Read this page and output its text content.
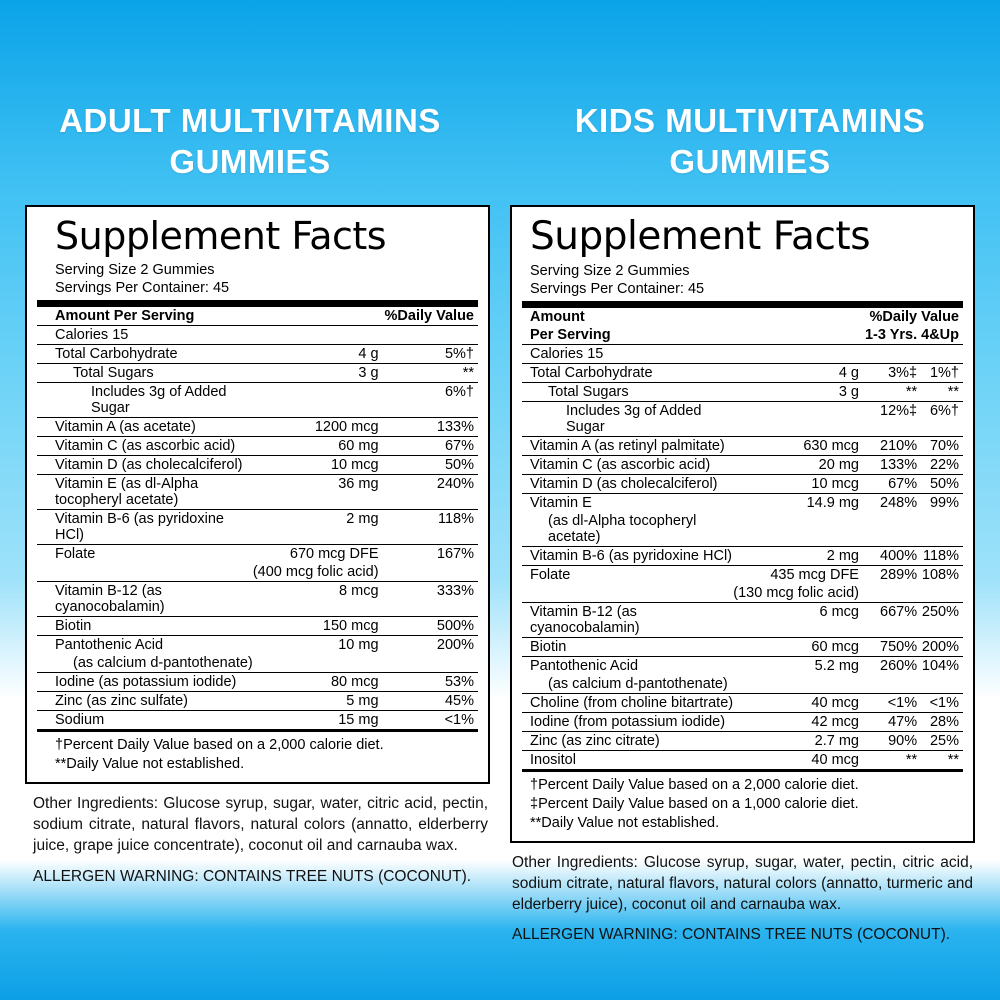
ADULT MULTIVITAMINS
GUMMIES
KIDS MULTIVITAMINS
GUMMIES
Supplement Facts
Serving Size 2 Gummies
Servings Per Container: 45
Amount Per Serving		%Daily Value
Calories 15		
Total Carbohydrate	4 g	5%†
Total Sugars	3 g	**
Includes 3g of Added Sugar		6%†
Vitamin A (as acetate)	1200 mcg	133%
Vitamin C (as ascorbic acid)	60 mg	67%
Vitamin D (as cholecalciferol)	10 mcg	50%
Vitamin E (as dl-Alpha tocopheryl acetate)	36 mg	240%
Vitamin B-6 (as pyridoxine HCl)	2 mg	118%
Folate	670 mcg DFE	167%
	(400 mcg folic acid)	
Vitamin B-12 (as cyanocobalamin)	8 mcg	333%
Biotin	150 mcg	500%
Pantothenic Acid	10 mg	200%
(as calcium d-pantothenate)		
Iodine (as potassium iodide)	80 mcg	53%
Zinc (as zinc sulfate)	5 mg	45%
Sodium	15 mg	<1%
†Percent Daily Value based on a 2,000 calorie diet.
**Daily Value not established.

Other Ingredients: Glucose syrup, sugar, water, citric acid, pectin, sodium citrate, natural flavors, natural colors (annatto, elderberry juice, grape juice concentrate), coconut oil and carnauba wax.

ALLERGEN WARNING: CONTAINS TREE NUTS (COCONUT).

Supplement Facts
Serving Size 2 Gummies
Servings Per Container: 45
Amount		%Daily Value	
Per Serving		1-3 Yrs.	4&Up
Calories 15			
Total Carbohydrate	4 g	3%‡	1%†
Total Sugars	3 g	**	**
Includes 3g of Added Sugar		12%‡	6%†
Vitamin A (as retinyl palmitate)	630 mcg	210%	70%
Vitamin C (as ascorbic acid)	20 mg	133%	22%
Vitamin D (as cholecalciferol)	10 mcg	67%	50%
Vitamin E	14.9 mg	248%	99%
(as dl-Alpha tocopheryl acetate)			
Vitamin B-6 (as pyridoxine HCl)	2 mg	400%	118%
Folate	435 mcg DFE	289%	108%
	(130 mcg folic acid)		
Vitamin B-12 (as cyanocobalamin)	6 mcg	667%	250%
Biotin	60 mcg	750%	200%
Pantothenic Acid	5.2 mg	260%	104%
(as calcium d-pantothenate)			
Choline (from choline bitartrate)	40 mcg	<1%	<1%
Iodine (from potassium iodide)	42 mcg	47%	28%
Zinc (as zinc citrate)	2.7 mg	90%	25%
Inositol	40 mcg	**	**
†Percent Daily Value based on a 2,000 calorie diet.
‡Percent Daily Value based on a 1,000 calorie diet.
**Daily Value not established.

Other Ingredients: Glucose syrup, sugar, water, pectin, citric acid, sodium citrate, natural flavors, natural colors (annatto, turmeric and elderberry juice), coconut oil and carnauba wax.

ALLERGEN WARNING: CONTAINS TREE NUTS (COCONUT).
